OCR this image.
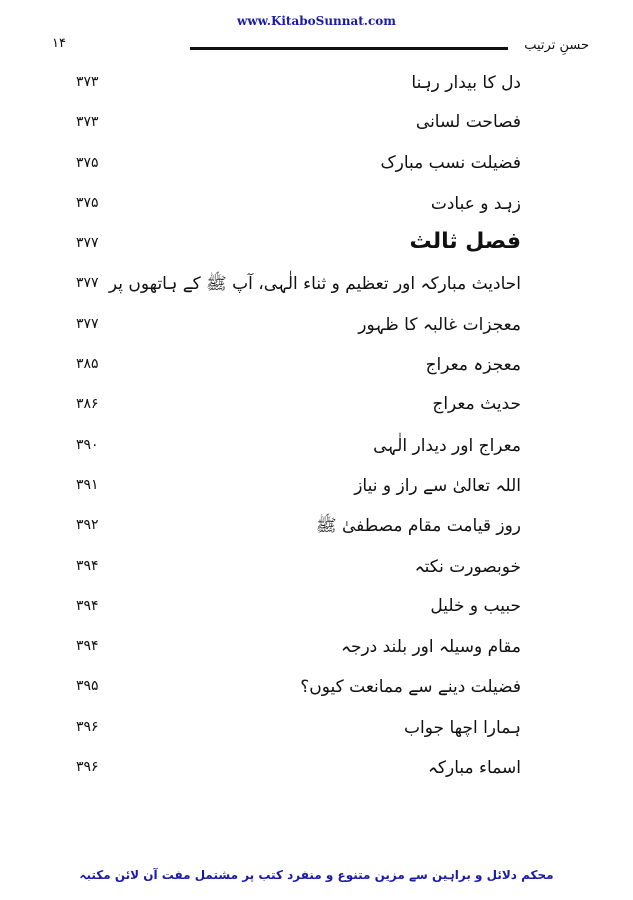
www.KitaboSunnat.com
۱۴	حسنِ ترتیب
دل کا بیدار رہنا
۳۷۳
فصاحت لسانی
۳۷۳
فضیلت نسب مبارک
۳۷۵
زہد و عبادت
۳۷۵
فصل ثالث
۳۷۷
احادیث مبارکہ اور تعظیم و ثناء الٰہی، آپ ﷺ کے ہاتھوں پر
۳۷۷
معجزات غالبہ کا ظہور
۳۷۷
معجزہ معراج
۳۸۵
حدیث معراج
۳۸۶
معراج اور دیدار الٰہی
۳۹۰
اللہ تعالیٰ سے راز و نیاز
۳۹۱
روز قیامت مقام مصطفیٰ ﷺ
۳۹۲
خوبصورت نکتہ
۳۹۴
حبیب و خلیل
۳۹۴
مقام وسیلہ اور بلند درجہ
۳۹۴
فضیلت دینے سے ممانعت کیوں؟
۳۹۵
ہمارا اچھا جواب
۳۹۶
اسماء مبارکہ
۳۹۶
محکم دلائل و براہین سے مزین متنوع و منفرد کتب پر مشتمل مفت آن لائن مکتبہ
